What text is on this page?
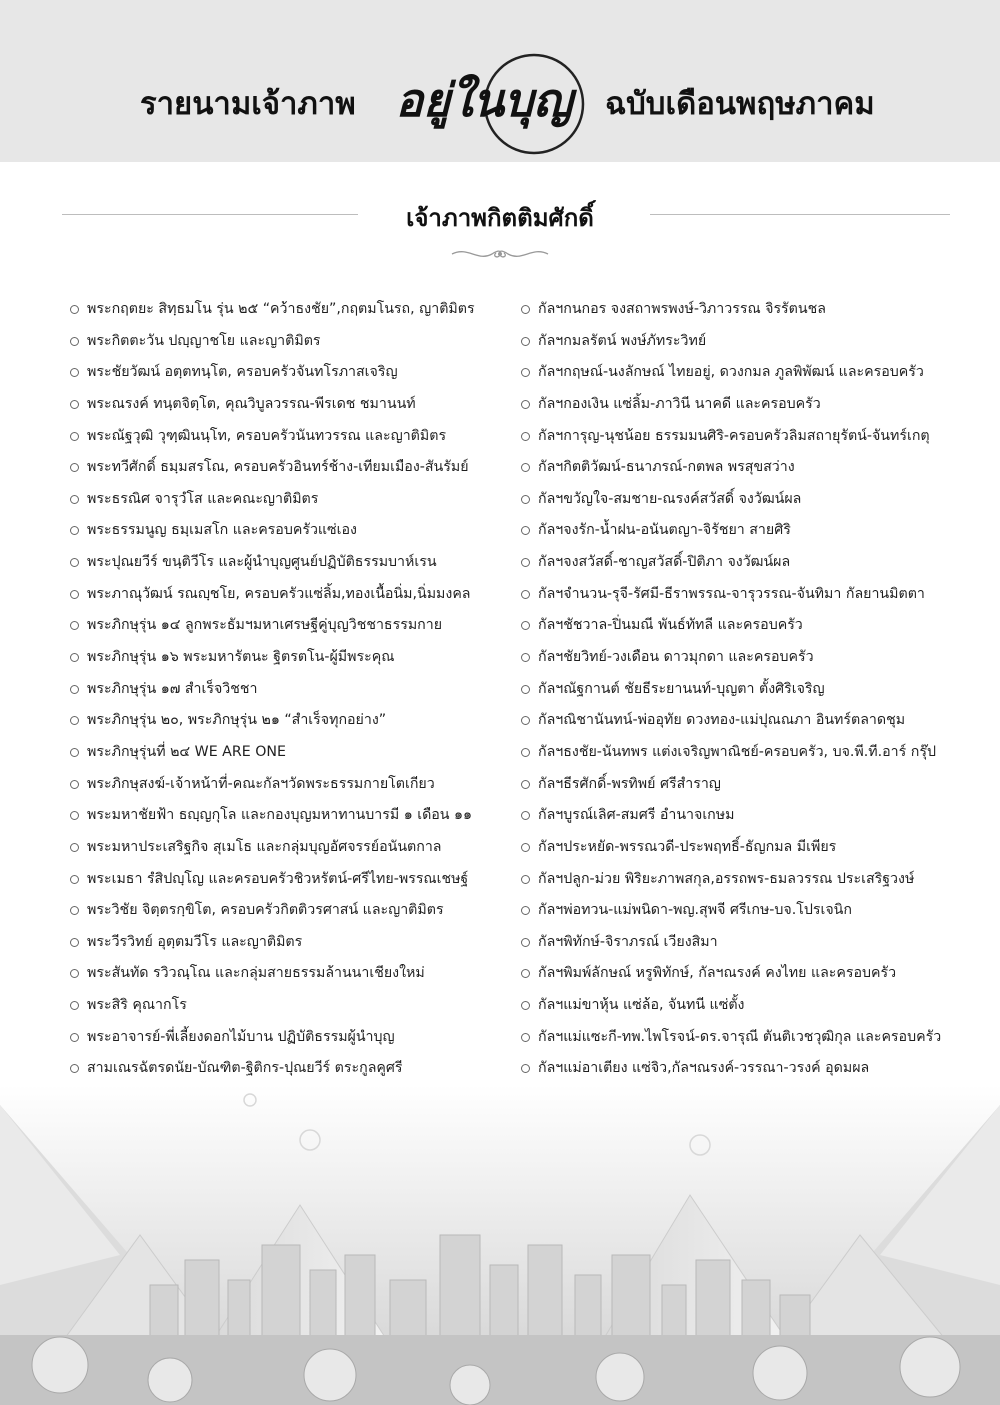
รายนามเจ้าภาพ อยู่ในบุญ ฉบับเดือนพฤษภาคม
เจ้าภาพกิตติมศักดิ์
พระกฤตยะ สิทฺธมโน รุ่น ๒๕ “คว้าธงชัย”,กฤตมโนรถ, ญาติมิตร
พระกิตตะวัน ปญฺญาชโย และญาติมิตร
พระชัยวัฒน์ อตฺตทนฺโต, ครอบครัวจันทโรภาสเจริญ
พระณรงค์ ทนฺตจิตฺโต, คุณวิบูลวรรณ-พีรเดช ชมานนท์
พระณัฐวุฒิ วุฑฺฒินนฺโท, ครอบครัวนันทวรรณ และญาติมิตร
พระทวีศักดิ์ ธมฺมสรโณ, ครอบครัวอินทร์ช้าง-เทียมเมือง-สันรัมย์
พระธรณิศ จารุวํโส และคณะญาติมิตร
พระธรรมนูญ ธมฺเมสโก และครอบครัวแซ่เอง
พระปุณยวีร์ ขนฺติวีโร และผู้นำบุญศูนย์ปฏิบัติธรรมบาห์เรน
พระภาณุวัฒน์ รณญฺชโย, ครอบครัวแซ่ลิ้ม,ทองเนื้อนิ่ม,นิ่มมงคล
พระภิกษุรุ่น ๑๔ ลูกพระธัมฯมหาเศรษฐีคู่บุญวิชชาธรรมกาย
พระภิกษุรุ่น ๑๖ พระมหารัตนะ ฐิตรตโน-ผู้มีพระคุณ
พระภิกษุรุ่น ๑๗ สำเร็จวิชชา
พระภิกษุรุ่น ๒๐, พระภิกษุรุ่น ๒๑ “สำเร็จทุกอย่าง”
พระภิกษุรุ่นที่ ๒๔ WE ARE ONE
พระภิกษุสงฆ์-เจ้าหน้าที่-คณะกัลฯวัดพระธรรมกายโตเกียว
พระมหาชัยฟ้า ธญฺญกุโล และกองบุญมหาทานบารมี ๑ เดือน ๑๑
พระมหาประเสริฐกิจ สุเมโธ และกลุ่มบุญอัศจรรย์อนันตกาล
พระเมธา รํสิปญฺโญ และครอบครัวชิวหรัตน์-ศรีไทย-พรรณเชษฐ์
พระวิชัย จิตฺตรกฺขิโต, ครอบครัวกิตติวรศาสน์ และญาติมิตร
พระวีรวิทย์ อุตฺตมวีโร และญาติมิตร
พระสันทัด รวิวณฺโณ และกลุ่มสายธรรมล้านนาเชียงใหม่
พระสิริ คุณากโร
พระอาจารย์-พี่เลี้ยงดอกไม้บาน ปฏิบัติธรรมผู้นำบุญ
สามเณรฉัตรดนัย-บัณฑิต-ฐิติกร-ปุณยวีร์ ตระกูลคูศรี
กัลฯกนกอร จงสถาพรพงษ์-วิภาวรรณ จิรรัตนชล
กัลฯกมลรัตน์ พงษ์ภัทระวิทย์
กัลฯกฤษณ์-นงลักษณ์ ไทยอยู่, ดวงกมล ภูลพิพัฒน์ และครอบครัว
กัลฯกองเงิน แซ่ลิ้ม-ภาวินี นาคดี และครอบครัว
กัลฯการุญ-นุชน้อย ธรรมมนศิริ-ครอบครัวลิมสถายุรัตน์-จันทร์เกตุ
กัลฯกิตติวัฒน์-ธนาภรณ์-กตพล พรสุขสว่าง
กัลฯขวัญใจ-สมชาย-ณรงค์สวัสดิ์ จงวัฒน์ผล
กัลฯจงรัก-น้ำฝน-อนันตญา-จิรัชยา สายศิริ
กัลฯจงสวัสดิ์-ชาญสวัสดิ์-ปิติภา จงวัฒน์ผล
กัลฯจำนวน-รุจี-รัศมี-ธีราพรรณ-จารุวรรณ-จันทิมา กัลยานมิตตา
กัลฯชัชวาล-ปิ่นมณี พันธ์ทัทลี และครอบครัว
กัลฯชัยวิทย์-วงเดือน ดาวมุกดา และครอบครัว
กัลฯณัฐกานต์ ชัยธีระยานนท์-บุญตา ตั้งศิริเจริญ
กัลฯณิชานันทน์-พ่ออุทัย ดวงทอง-แม่ปุณณภา อินทร์ตลาดชุม
กัลฯธงชัย-นันทพร แต่งเจริญพาณิชย์-ครอบครัว, บจ.พี.ที.อาร์ กรุ๊ป
กัลฯธีรศักดิ์-พรทิพย์ ศรีสำราญ
กัลฯบูรณ์เลิศ-สมศรี อำนาจเกษม
กัลฯประหยัด-พรรณวดี-ประพฤทธิ์-ธัญกมล มีเพียร
กัลฯปลูก-ม่วย พิริยะภาพสกุล,อรรถพร-ธมลวรรณ ประเสริฐวงษ์
กัลฯพ่อทวน-แม่พนิดา-พญ.สุพจี ศรีเกษ-บจ.โปรเจนิก
กัลฯพิทักษ์-จิราภรณ์ เวียงสิมา
กัลฯพิมพ์ลักษณ์ หรูพิทักษ์, กัลฯณรงค์ คงไทย และครอบครัว
กัลฯแม่ขาหุ้น แซ่ล้อ, จันทนี แซ่ตั้ง
กัลฯแม่แซะกี-ทพ.ไพโรจน์-ดร.จารุณี ตันติเวชวุฒิกุล และครอบครัว
กัลฯแม่อาเตียง แซ่จิว,กัลฯณรงค์-วรรณา-วรงค์ อุดมผล
